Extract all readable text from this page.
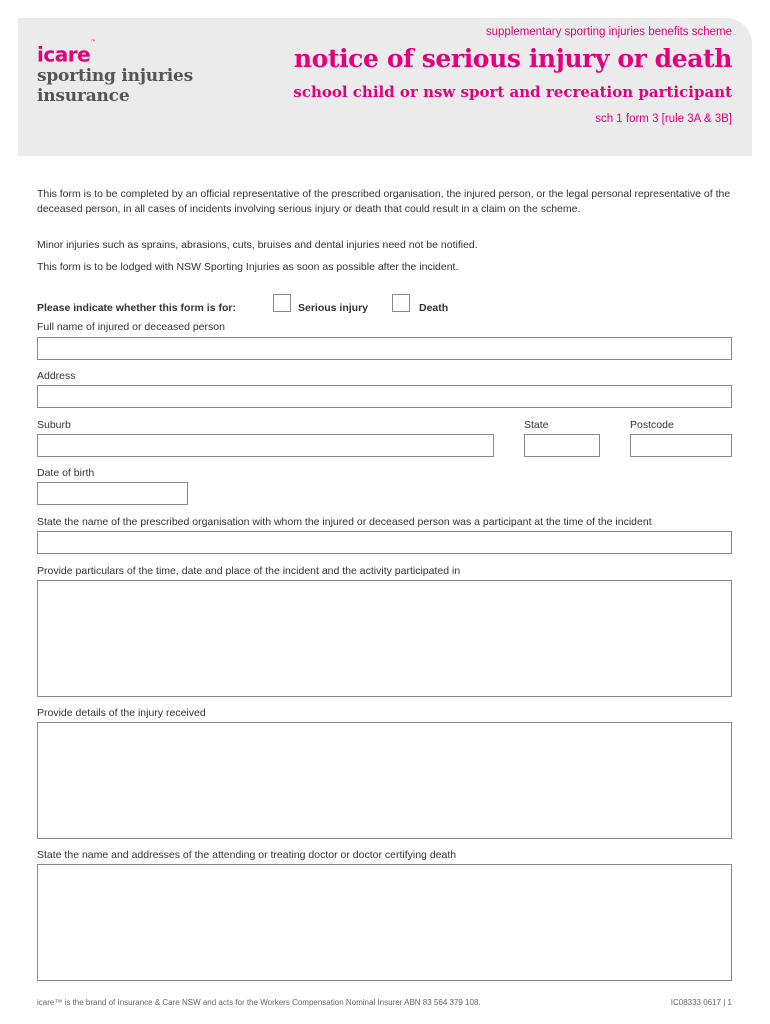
icare™
sporting injuries
insurance
supplementary sporting injuries benefits scheme
notice of serious injury or death
school child or nsw sport and recreation participant
sch 1 form 3 [rule 3A & 3B]
This form is to be completed by an official representative of the prescribed organisation, the injured person, or the legal personal representative of the deceased person, in all cases of incidents involving serious injury or death that could result in a claim on the scheme.
Minor injuries such as sprains, abrasions, cuts, bruises and dental injuries need not be notified.
This form is to be lodged with NSW Sporting Injuries as soon as possible after the incident.
Please indicate whether this form is for:	Serious injury	Death
Full name of injured or deceased person
Address
Suburb	State	Postcode
Date of birth
State the name of the prescribed organisation with whom the injured or deceased person was a participant at the time of the incident
Provide particulars of the time, date and place of the incident and the activity participated in
Provide details of the injury received
State the name and addresses of the attending or treating doctor or doctor certifying death
icare™ is the brand of Insurance & Care NSW and acts for the Workers Compensation Nominal Insurer ABN 83 564 379 108.	IC08333 0617 | 1
